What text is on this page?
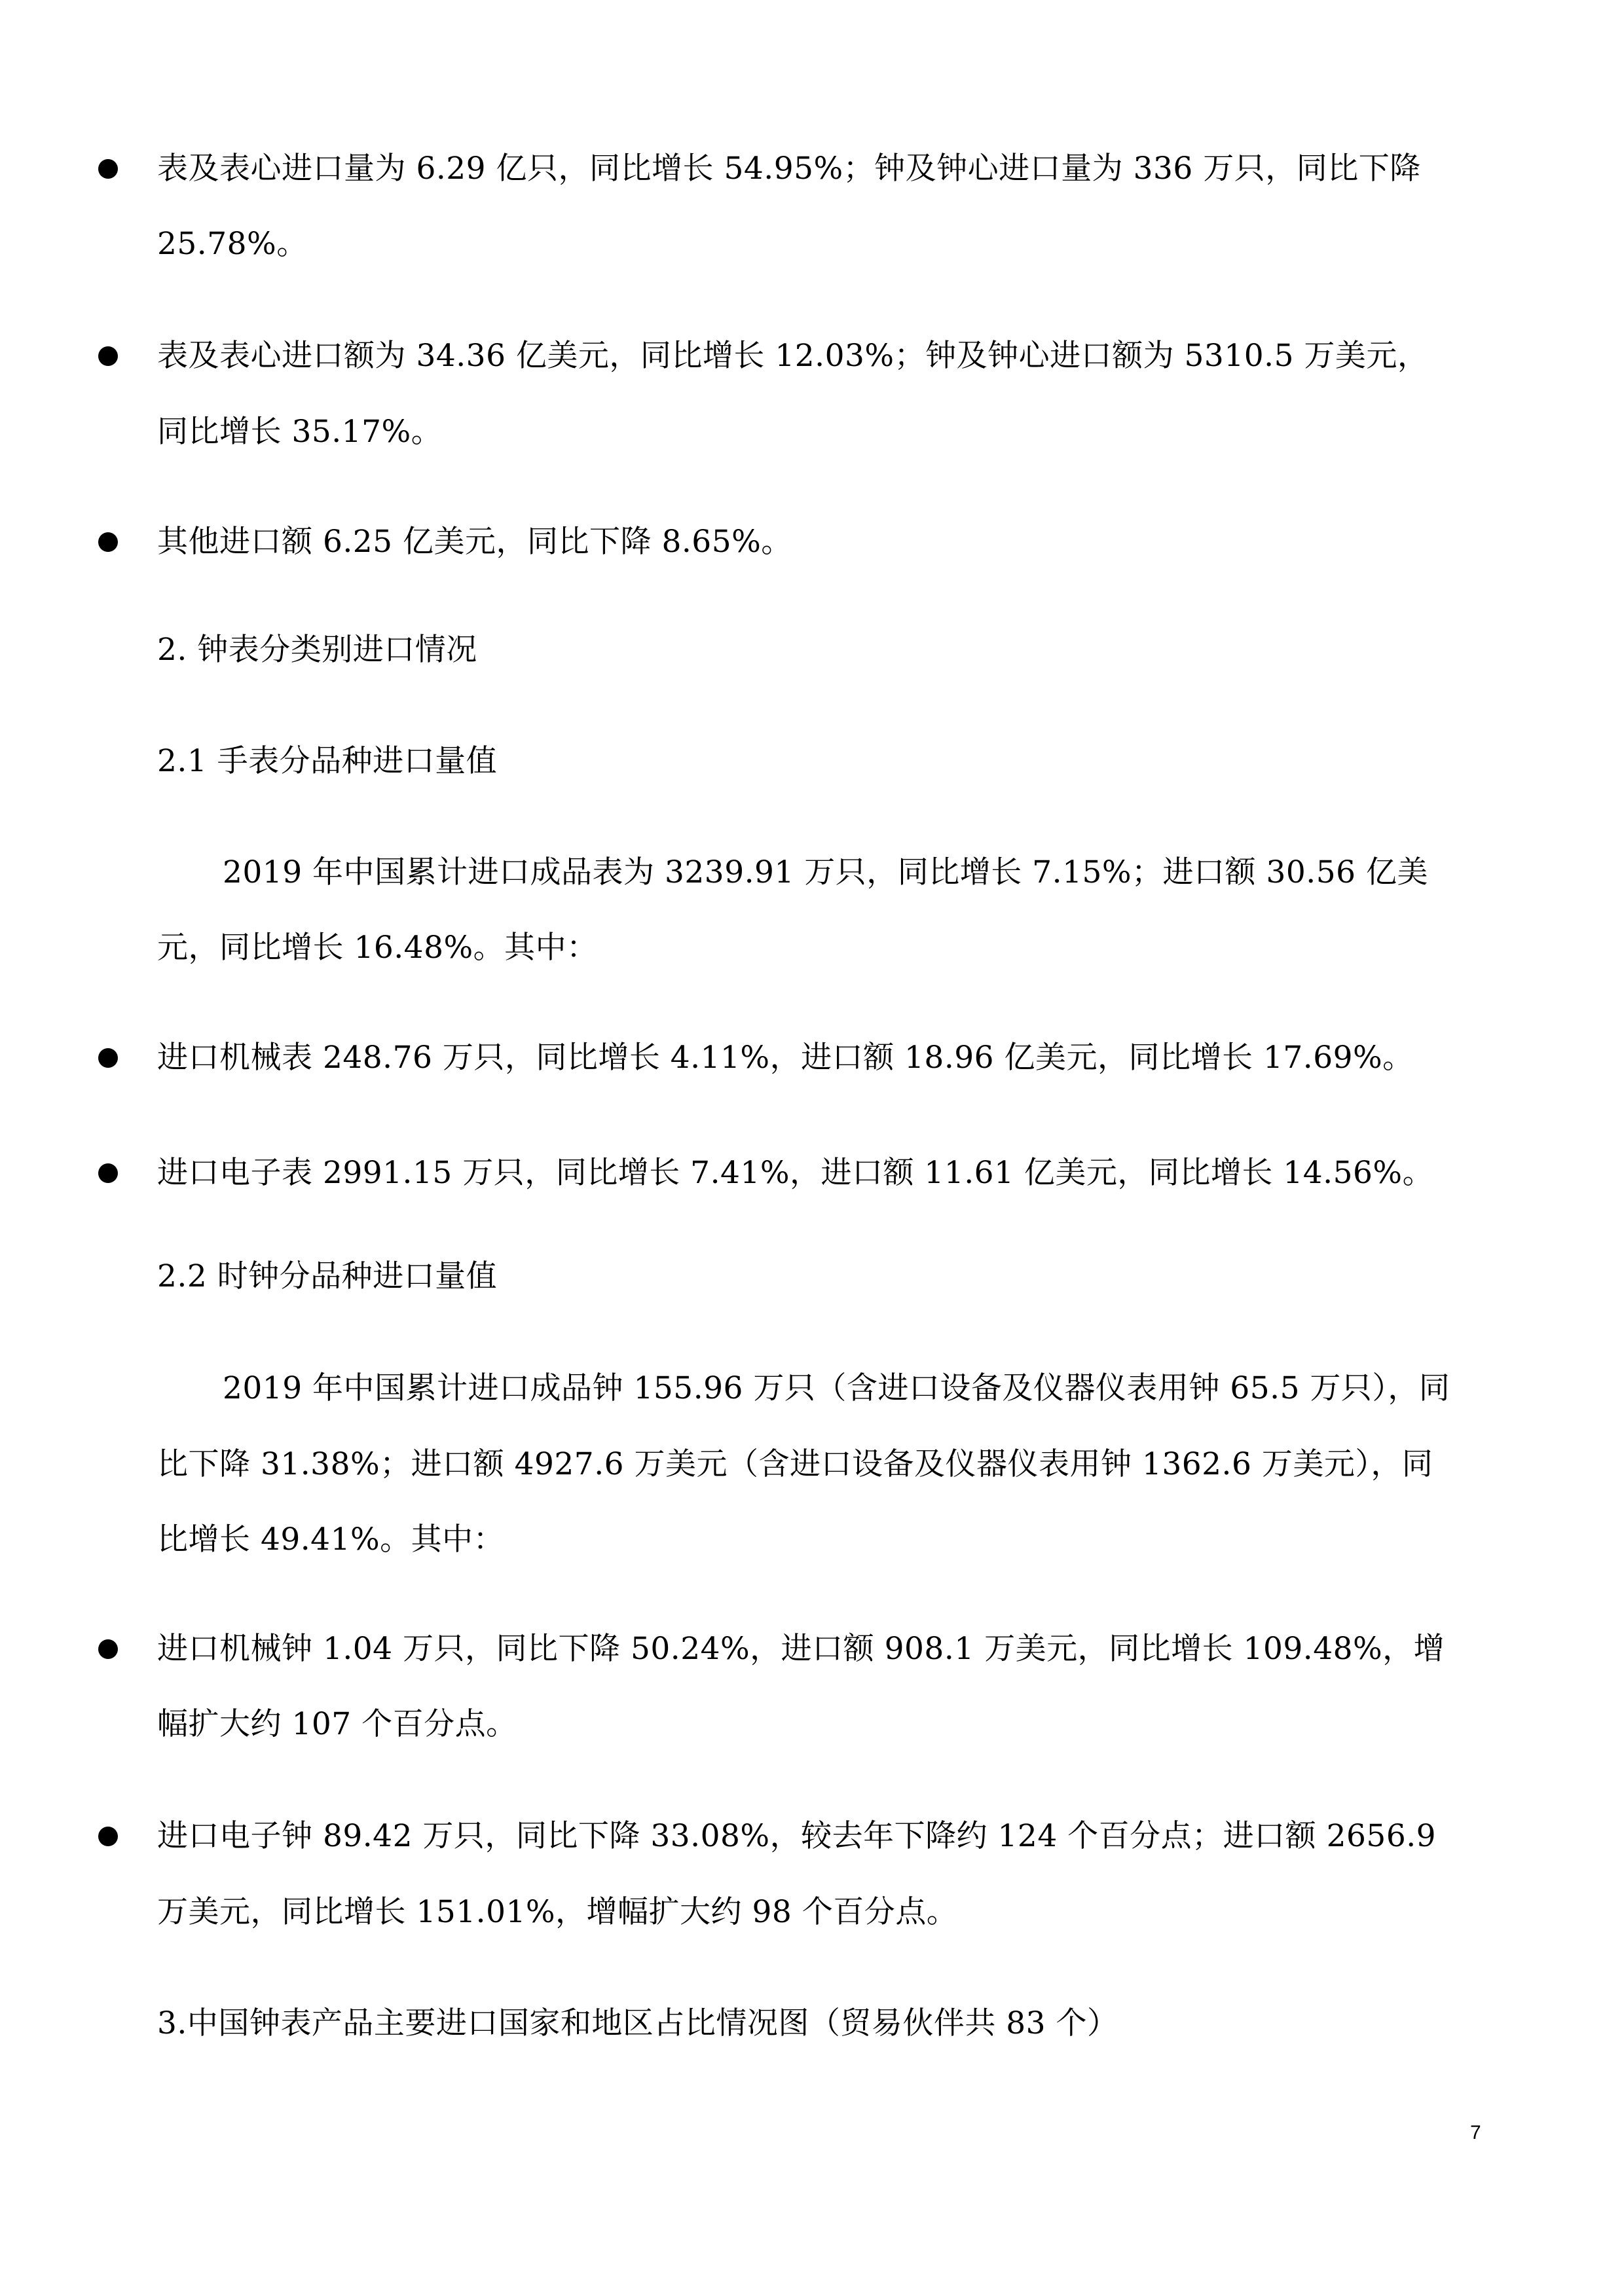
表及表心进口量为 6.29 亿只，同比增长 54.95%；钟及钟心进口量为 336 万只，同比下降
25.78%。
表及表心进口额为 34.36 亿美元，同比增长 12.03%；钟及钟心进口额为 5310.5 万美元，
同比增长 35.17%。
其他进口额 6.25 亿美元，同比下降 8.65%。
2. 钟表分类别进口情况
2.1 手表分品种进口量值
2019 年中国累计进口成品表为 3239.91 万只，同比增长 7.15%；进口额 30.56 亿美
元，同比增长 16.48%。其中：
进口机械表 248.76 万只，同比增长 4.11%，进口额 18.96 亿美元，同比增长 17.69%。
进口电子表 2991.15 万只，同比增长 7.41%，进口额 11.61 亿美元，同比增长 14.56%。
2.2 时钟分品种进口量值
2019 年中国累计进口成品钟 155.96 万只（含进口设备及仪器仪表用钟 65.5 万只），同
比下降 31.38%；进口额 4927.6 万美元（含进口设备及仪器仪表用钟 1362.6 万美元），同
比增长 49.41%。其中：
进口机械钟 1.04 万只，同比下降 50.24%，进口额 908.1 万美元，同比增长 109.48%，增
幅扩大约 107 个百分点。
进口电子钟 89.42 万只，同比下降 33.08%，较去年下降约 124 个百分点；进口额 2656.9
万美元，同比增长 151.01%，增幅扩大约 98 个百分点。
3.中国钟表产品主要进口国家和地区占比情况图（贸易伙伴共 83 个）
7
